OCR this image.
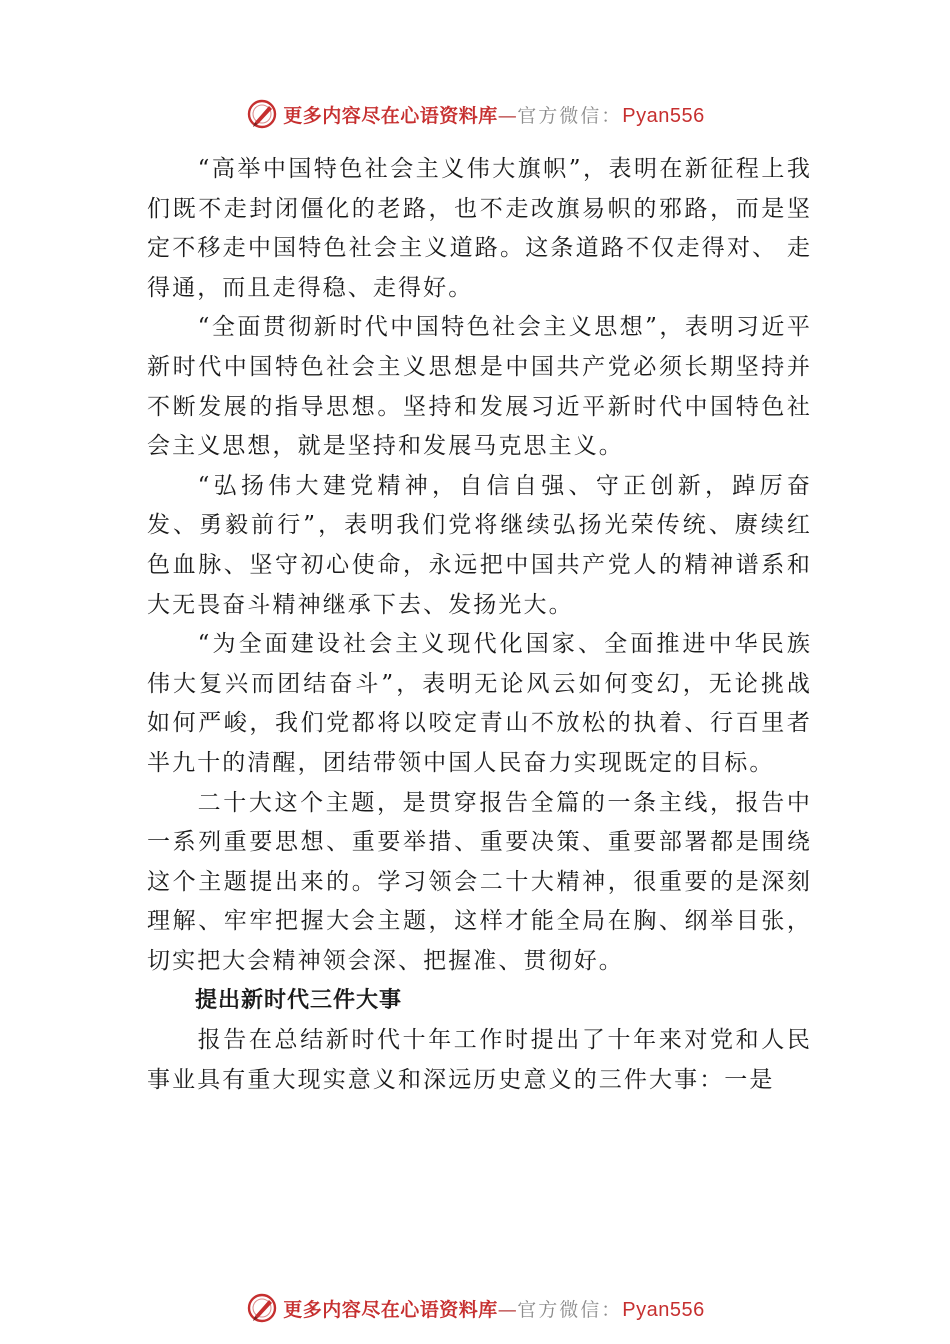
更多内容尽在心语资料库—官方微信：Pyan556

“高举中国特色社会主义伟大旗帜”，表明在新征程上我们既不走封闭僵化的老路，也不走改旗易帜的邪路，而是坚定不移走中国特色社会主义道路。这条道路不仅走得对、 走得通，而且走得稳、走得好。

“全面贯彻新时代中国特色社会主义思想”，表明习近平新时代中国特色社会主义思想是中国共产党必须长期坚持并不断发展的指导思想。坚持和发展习近平新时代中国特色社会主义思想，就是坚持和发展马克思主义。

“弘扬伟大建党精神，自信自强、守正创新，踔厉奋发、勇毅前行”，表明我们党将继续弘扬光荣传统、赓续红色血脉、坚守初心使命，永远把中国共产党人的精神谱系和大无畏奋斗精神继承下去、发扬光大。

“为全面建设社会主义现代化国家、全面推进中华民族伟大复兴而团结奋斗”，表明无论风云如何变幻，无论挑战如何严峻，我们党都将以咬定青山不放松的执着、行百里者半九十的清醒，团结带领中国人民奋力实现既定的目标。

二十大这个主题，是贯穿报告全篇的一条主线，报告中一系列重要思想、重要举措、重要决策、重要部署都是围绕这个主题提出来的。学习领会二十大精神，很重要的是深刻理解、牢牢把握大会主题，这样才能全局在胸、纲举目张， 切实把大会精神领会深、把握准、贯彻好。

提出新时代三件大事

报告在总结新时代十年工作时提出了十年来对党和人民事业具有重大现实意义和深远历史意义的三件大事：一是

更多内容尽在心语资料库—官方微信：Pyan556
